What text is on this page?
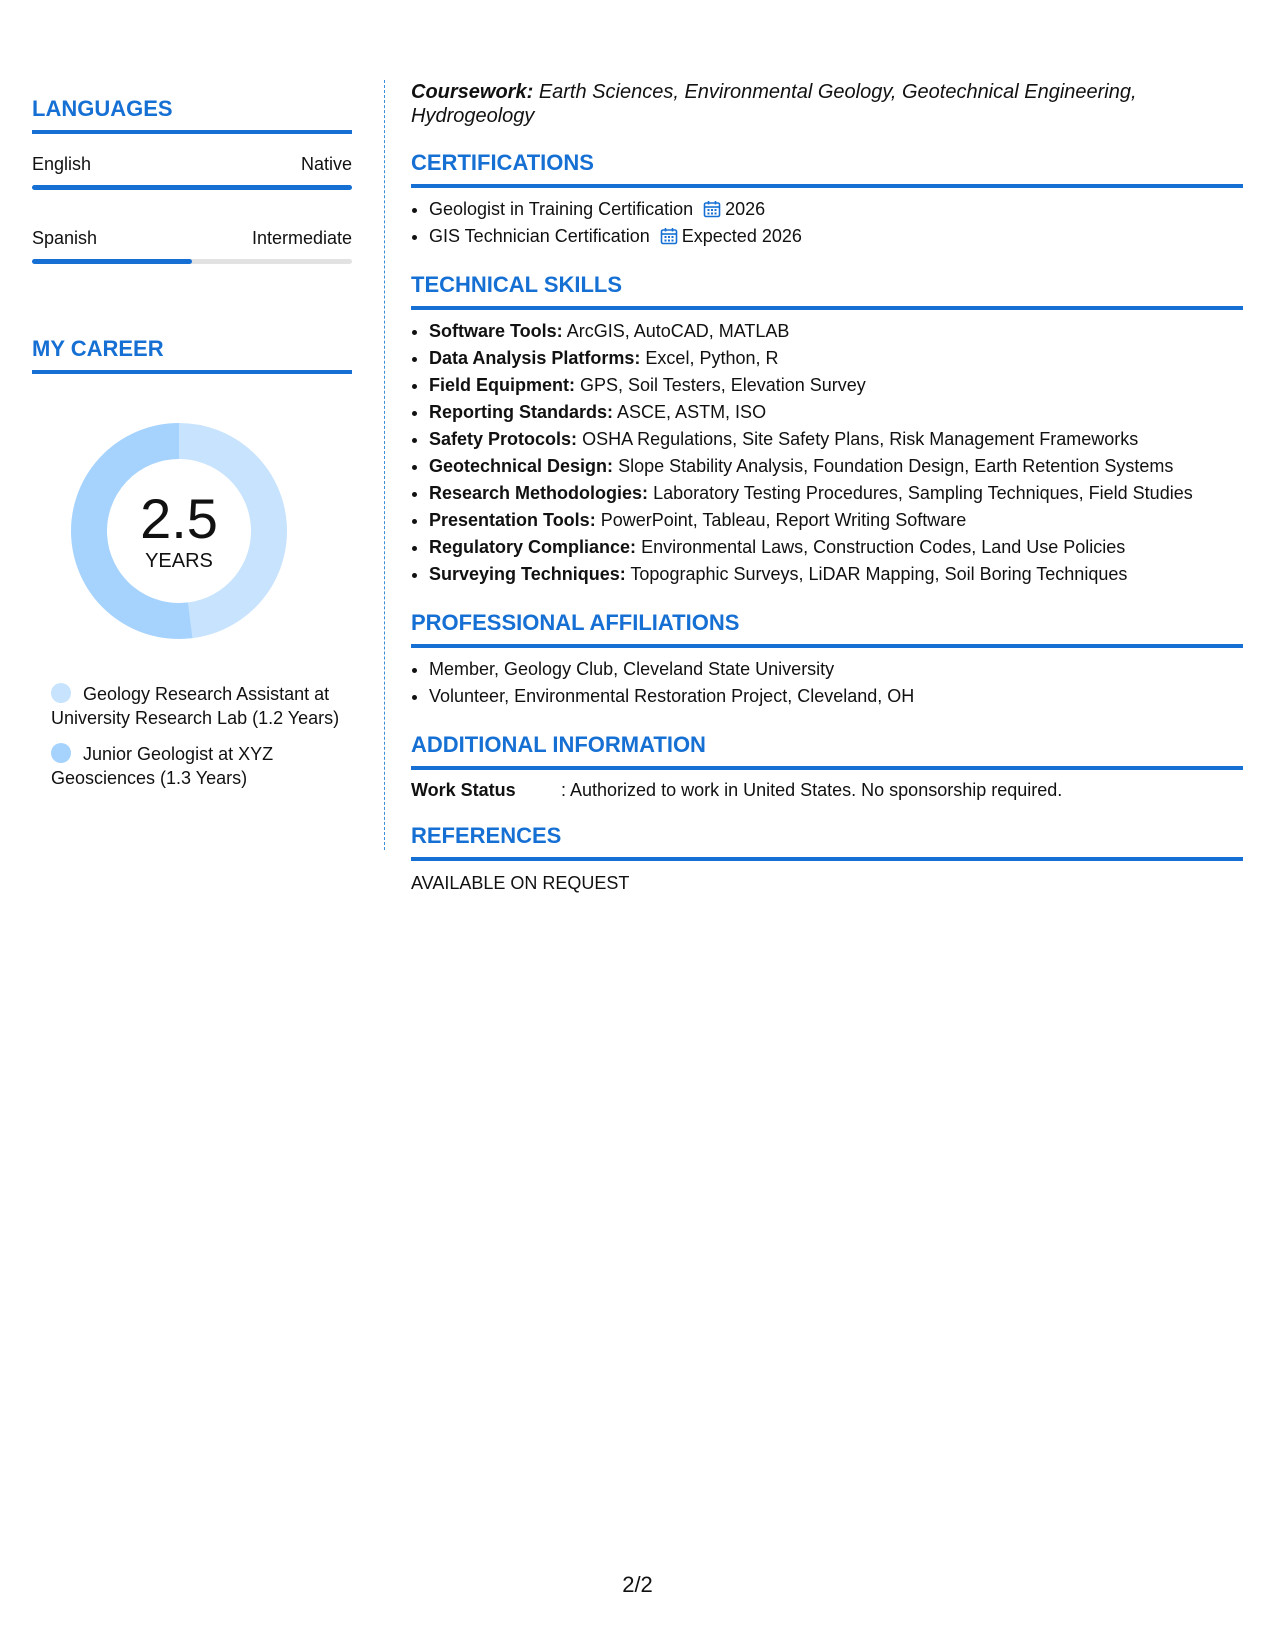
LANGUAGES
English	Native
Spanish	Intermediate
MY CAREER
2.5
YEARS
Geology Research Assistant at University Research Lab (1.2 Years)
Junior Geologist at XYZ Geosciences (1.3 Years)
Coursework: Earth Sciences, Environmental Geology, Geotechnical Engineering, Hydrogeology
CERTIFICATIONS
• Geologist in Training Certification 2026
• GIS Technician Certification Expected 2026
TECHNICAL SKILLS
• Software Tools: ArcGIS, AutoCAD, MATLAB
• Data Analysis Platforms: Excel, Python, R
• Field Equipment: GPS, Soil Testers, Elevation Survey
• Reporting Standards: ASCE, ASTM, ISO
• Safety Protocols: OSHA Regulations, Site Safety Plans, Risk Management Frameworks
• Geotechnical Design: Slope Stability Analysis, Foundation Design, Earth Retention Systems
• Research Methodologies: Laboratory Testing Procedures, Sampling Techniques, Field Studies
• Presentation Tools: PowerPoint, Tableau, Report Writing Software
• Regulatory Compliance: Environmental Laws, Construction Codes, Land Use Policies
• Surveying Techniques: Topographic Surveys, LiDAR Mapping, Soil Boring Techniques
PROFESSIONAL AFFILIATIONS
• Member, Geology Club, Cleveland State University
• Volunteer, Environmental Restoration Project, Cleveland, OH
ADDITIONAL INFORMATION
Work Status	: Authorized to work in United States. No sponsorship required.
REFERENCES
AVAILABLE ON REQUEST
2/2
